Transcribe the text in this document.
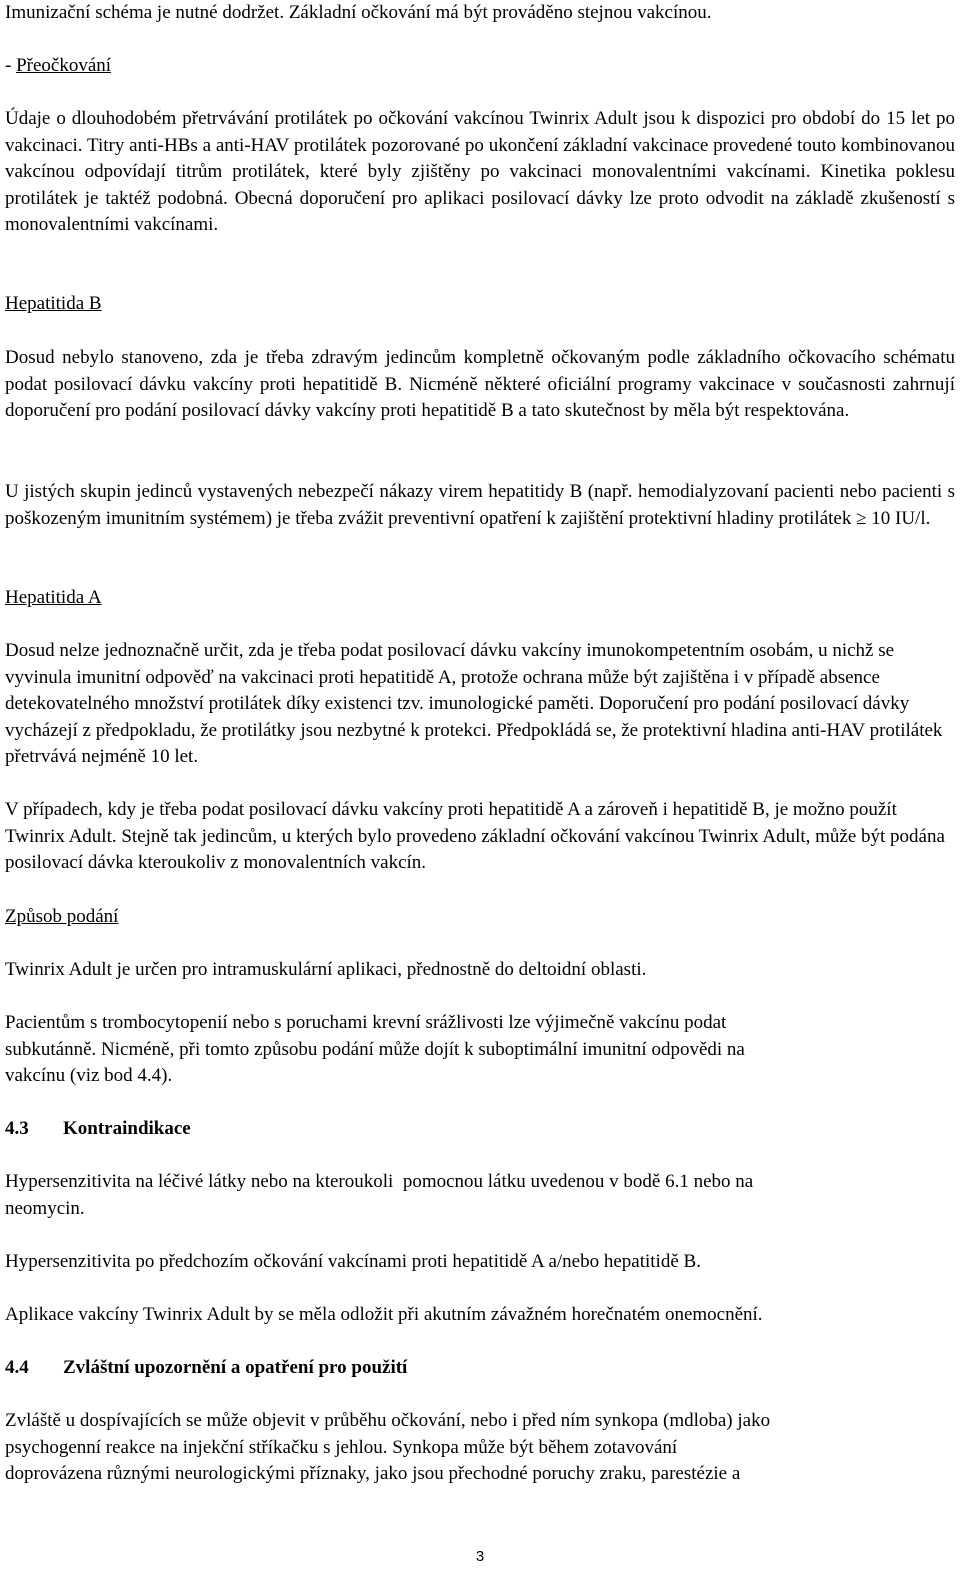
Imunizační schéma je nutné dodržet. Základní očkování má být prováděno stejnou vakcínou.

- Přeočkování

Údaje o dlouhodobém přetrvávání protilátek po očkování vakcínou Twinrix Adult jsou k dispozici pro období do 15 let po vakcinaci. Titry anti-HBs a anti-HAV protilátek pozorované po ukončení základní vakcinace provedené touto kombinovanou vakcínou odpovídají titrům protilátek, které byly zjištěny po vakcinaci monovalentními vakcínami. Kinetika poklesu protilátek je taktéž podobná. Obecná doporučení pro aplikaci posilovací dávky lze proto odvodit na základě zkušeností s monovalentními vakcínami.

Hepatitida B

Dosud nebylo stanoveno, zda je třeba zdravým jedincům kompletně očkovaným podle základního očkovacího schématu podat posilovací dávku vakcíny proti hepatitidě B. Nicméně některé oficiální programy vakcinace v současnosti zahrnují doporučení pro podání posilovací dávky vakcíny proti hepatitidě B a tato skutečnost by měla být respektována.

U jistých skupin jedinců vystavených nebezpečí nákazy virem hepatitidy B (např. hemodialyzovaní pacienti nebo pacienti s poškozeným imunitním systémem) je třeba zvážit preventivní opatření k zajištění protektivní hladiny protilátek ≥ 10 IU/l.

Hepatitida A

Dosud nelze jednoznačně určit, zda je třeba podat posilovací dávku vakcíny imunokompetentním osobám, u nichž se vyvinula imunitní odpověď na vakcinaci proti hepatitidě A, protože ochrana může být zajištěna i v případě absence detekovatelného množství protilátek díky existenci tzv. imunologické paměti. Doporučení pro podání posilovací dávky vycházejí z předpokladu, že protilátky jsou nezbytné k protekci. Předpokládá se, že protektivní hladina anti-HAV protilátek přetrvává nejméně 10 let.

V případech, kdy je třeba podat posilovací dávku vakcíny proti hepatitidě A a zároveň i hepatitidě B, je možno použít Twinrix Adult. Stejně tak jedincům, u kterých bylo provedeno základní očkování vakcínou Twinrix Adult, může být podána posilovací dávka kteroukoliv z monovalentních vakcín.

Způsob podání

Twinrix Adult je určen pro intramuskulární aplikaci, přednostně do deltoidní oblasti.

Pacientům s trombocytopenií nebo s poruchami krevní srážlivosti lze výjimečně vakcínu podat

subkutánně. Nicméně, při tomto způsobu podání může dojít k suboptimální imunitní odpovědi na

vakcínu (viz bod 4.4).

4.3 Kontraindikace

Hypersenzitivita na léčivé látky nebo na kteroukoli  pomocnou látku uvedenou v bodě 6.1 nebo na

neomycin.

Hypersenzitivita po předchozím očkování vakcínami proti hepatitidě A a/nebo hepatitidě B.

Aplikace vakcíny Twinrix Adult by se měla odložit při akutním závažném horečnatém onemocnění.

4.4 Zvláštní upozornění a opatření pro použití

Zvláště u dospívajících se může objevit v průběhu očkování, nebo i před ním synkopa (mdloba) jako

psychogenní reakce na injekční stříkačku s jehlou. Synkopa může být během zotavování

doprovázena různými neurologickými příznaky, jako jsou přechodné poruchy zraku, parestézie a

3
